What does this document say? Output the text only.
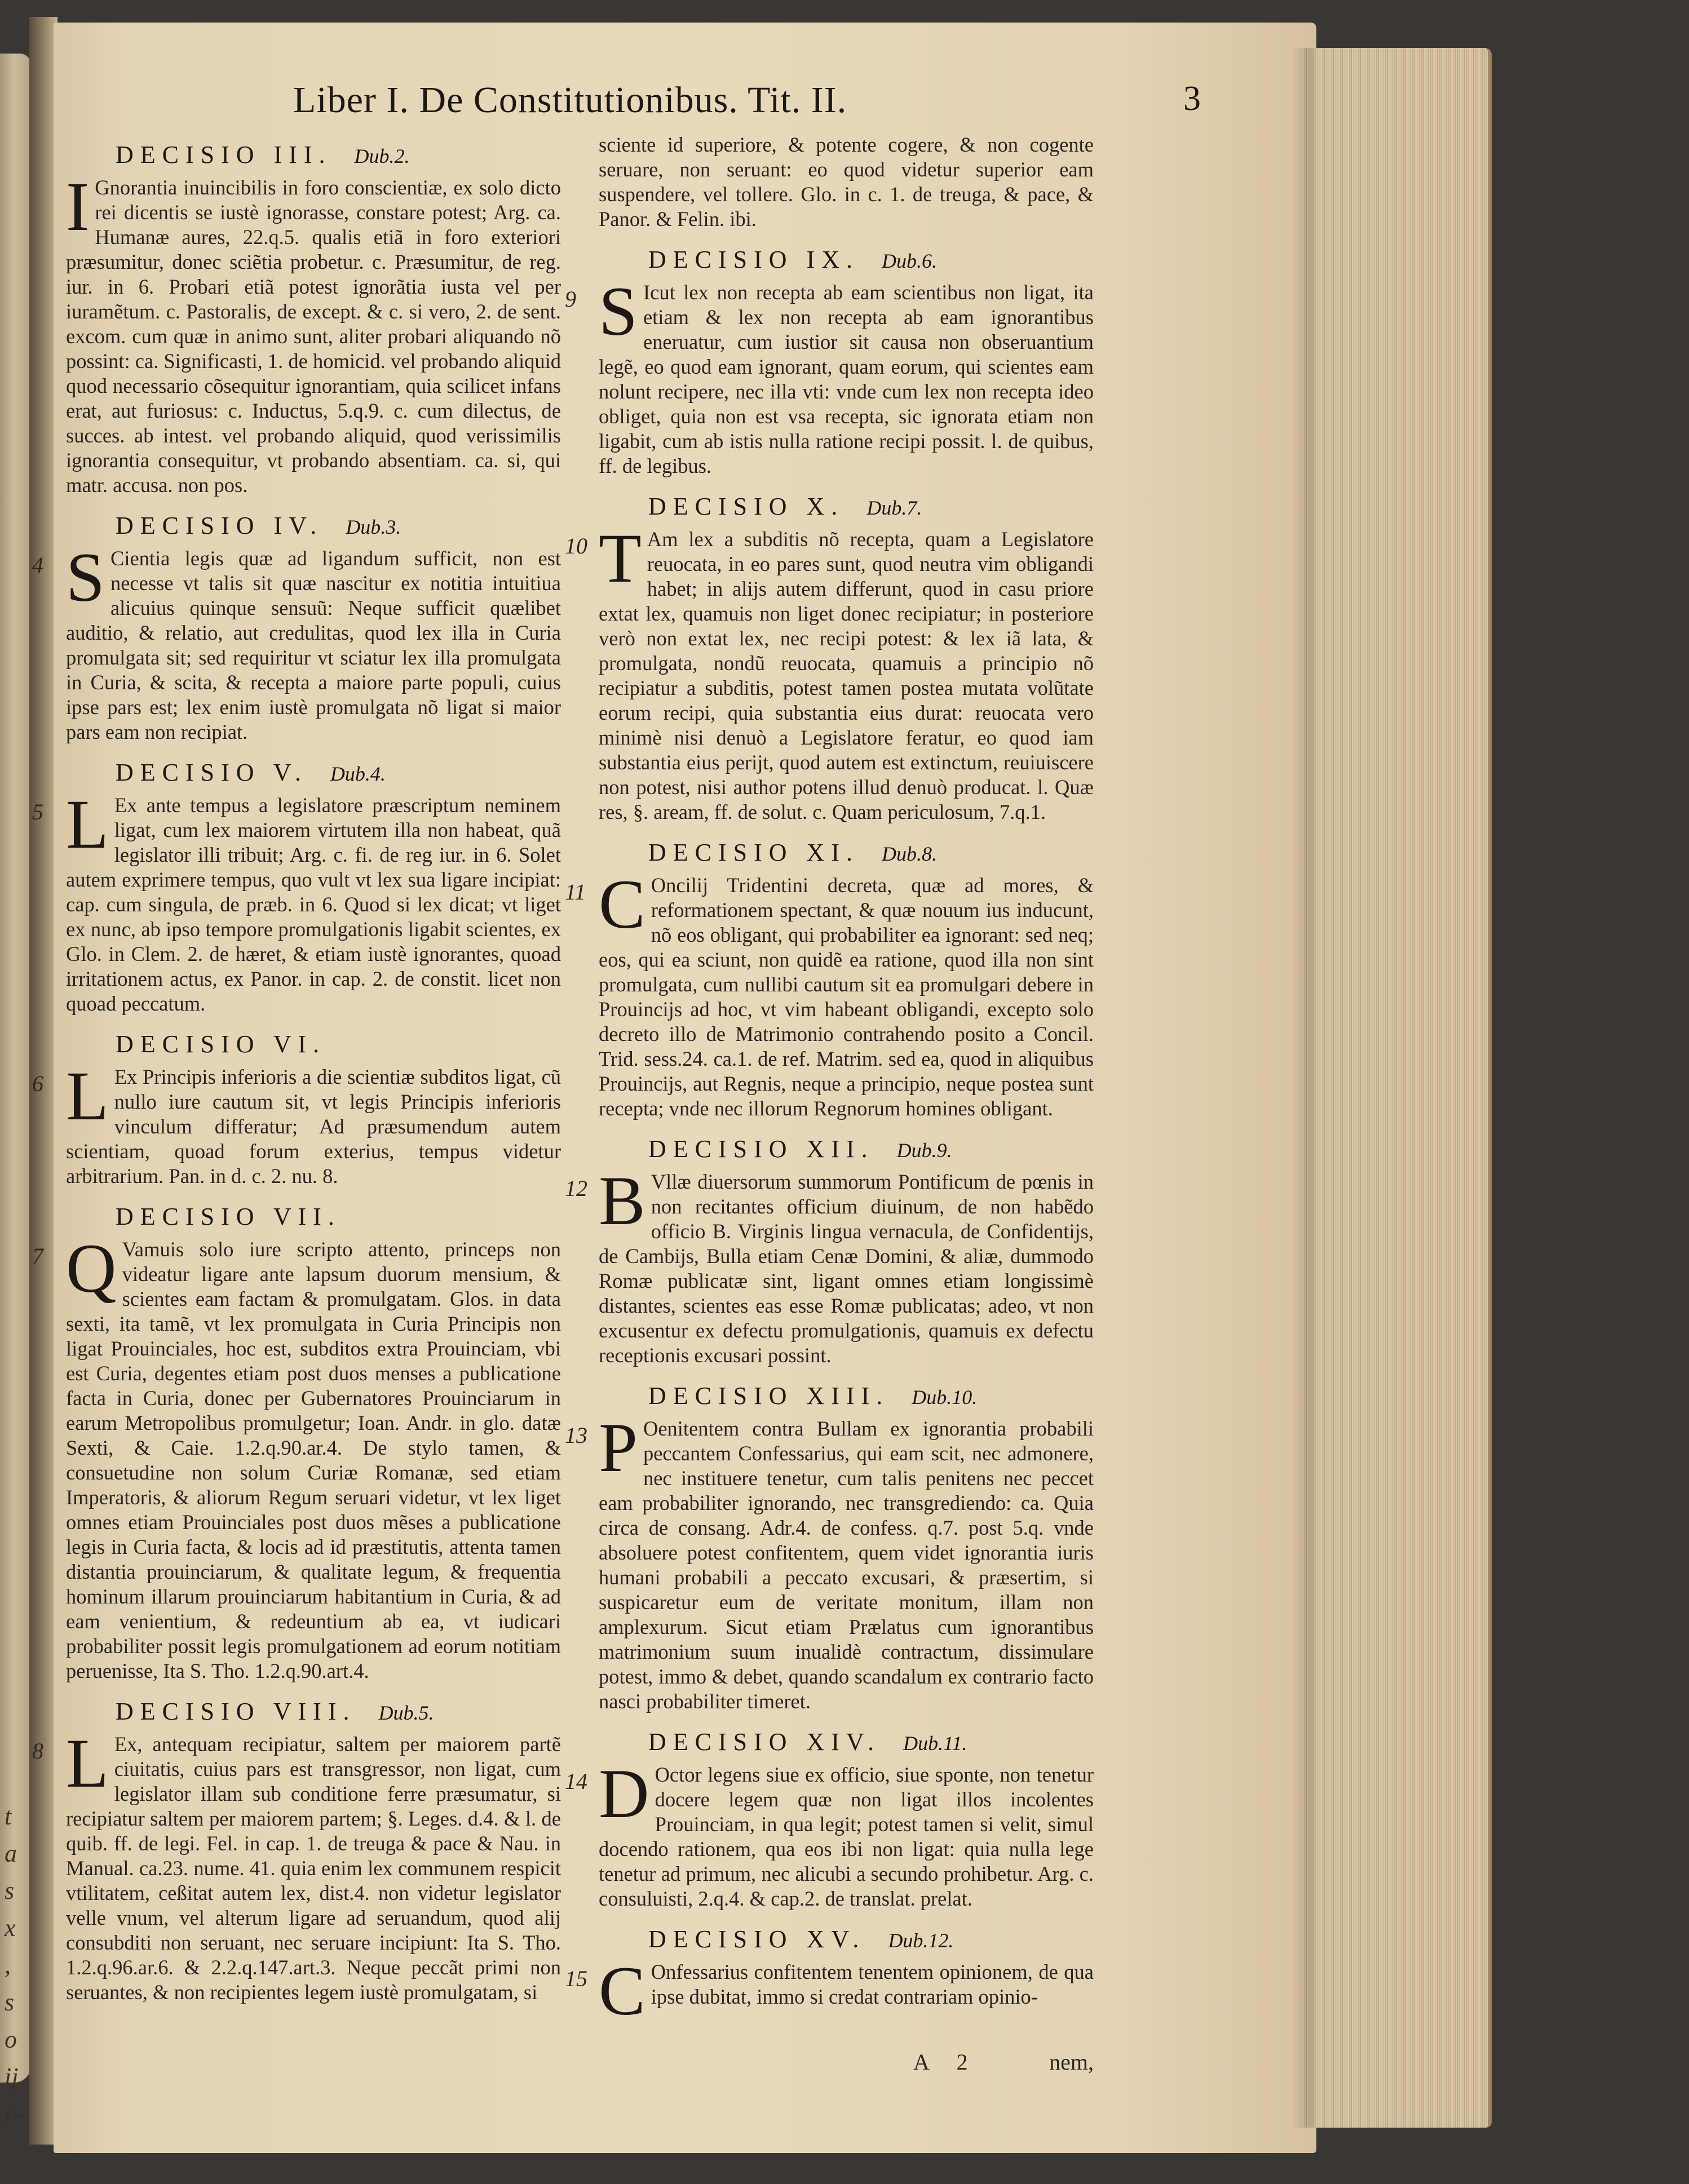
t
a
s
x
,
s
o
ij
r-
Liber I. De Constitutionibus. Tit. II.	3
DECISIO III. Dub.2.

I Gnorantia inuincibilis in foro conscientiæ, ex solo dicto rei dicentis se iustè ignorasse, constare potest; Arg. ca. Humanæ aures, 22.q.5. qualis etiã in foro exteriori præsumitur, donec sciẽtia probetur. c. Præsumitur, de reg. iur. in 6. Probari etiã potest ignorãtia iusta vel per iuramẽtum. c. Pastoralis, de except. & c. si vero, 2. de sent. excom. cum quæ in animo sunt, aliter probari aliquando nõ possint: ca. Significasti, 1. de homicid. vel probando aliquid quod necessario cõsequitur ignorantiam, quia scilicet infans erat, aut furiosus: c. Inductus, 5.q.9. c. cum dilectus, de succes. ab intest. vel probando aliquid, quod verissimilis ignorantia consequitur, vt probando absentiam. ca. si, qui matr. accusa. non pos.

DECISIO IV. Dub.3.
4 S Cientia legis quæ ad ligandum sufficit, non est necesse vt talis sit quæ nascitur ex notitia intuitiua alicuius quinque sensuũ: Neque sufficit quælibet auditio, & relatio, aut credulitas, quod lex illa in Curia promulgata sit; sed requiritur vt sciatur lex illa promulgata in Curia, & scita, & recepta a maiore parte populi, cuius ipse pars est; lex enim iustè promulgata nõ ligat si maior pars eam non recipiat.

DECISIO V. Dub.4.
5 L Ex ante tempus a legislatore præscriptum neminem ligat, cum lex maiorem virtutem illa non habeat, quã legislator illi tribuit; Arg. c. fi. de reg iur. in 6. Solet autem exprimere tempus, quo vult vt lex sua ligare incipiat: cap. cum singula, de præb. in 6. Quod si lex dicat; vt liget ex nunc, ab ipso tempore promulgationis ligabit scientes, ex Glo. in Clem. 2. de hæret, & etiam iustè ignorantes, quoad irritationem actus, ex Panor. in cap. 2. de constit. licet non quoad peccatum.

DECISIO VI.
6 L Ex Principis inferioris a die scientiæ subditos ligat, cũ nullo iure cautum sit, vt legis Principis inferioris vinculum differatur; Ad præsumendum autem scientiam, quoad forum exterius, tempus videtur arbitrarium. Pan. in d. c. 2. nu. 8.

DECISIO VII.
7 Q Vamuis solo iure scripto attento, princeps non videatur ligare ante lapsum duorum mensium, & scientes eam factam & promulgatam. Glos. in data sexti, ita tamẽ, vt lex promulgata in Curia Principis non ligat Prouinciales, hoc est, subditos extra Prouinciam, vbi est Curia, degentes etiam post duos menses a publicatione facta in Curia, donec per Gubernatores Prouinciarum in earum Metropolibus promulgetur; Ioan. Andr. in glo. datæ Sexti, & Caie. 1.2.q.90.ar.4. De stylo tamen, & consuetudine non solum Curiæ Romanæ, sed etiam Imperatoris, & aliorum Regum seruari videtur, vt lex liget omnes etiam Prouinciales post duos mẽses a publicatione legis in Curia facta, & locis ad id præstitutis, attenta tamen distantia prouinciarum, & qualitate legum, & frequentia hominum illarum prouinciarum habitantium in Curia, & ad eam venientium, & redeuntium ab ea, vt iudicari probabiliter possit legis promulgationem ad eorum notitiam peruenisse, Ita S. Tho. 1.2.q.90.art.4.

DECISIO VIII. Dub.5.
8 L Ex, antequam recipiatur, saltem per maiorem partẽ ciuitatis, cuius pars est transgressor, non ligat, cum legislator illam sub conditione ferre præsumatur, si recipiatur saltem per maiorem partem; §. Leges. d.4. & l. de quib. ff. de legi. Fel. in cap. 1. de treuga & pace & Nau. in Manual. ca.23. nume. 41. quia enim lex communem respicit vtilitatem, ceßitat autem lex, dist.4. non videtur legislator velle vnum, vel alterum ligare ad seruandum, quod alij consubditi non seruant, nec seruare incipiunt: Ita S. Tho. 1.2.q.96.ar.6. & 2.2.q.147.art.3. Neque peccãt primi non seruantes, & non recipientes legem iustè promulgatam, si

sciente id superiore, & potente cogere, & non cogente seruare, non seruant: eo quod videtur superior eam suspendere, vel tollere. Glo. in c. 1. de treuga, & pace, & Panor. & Felin. ibi.

DECISIO IX. Dub.6.
9 S Icut lex non recepta ab eam scientibus non ligat, ita etiam & lex non recepta ab eam ignorantibus eneruatur, cum iustior sit causa non obseruantium legẽ, eo quod eam ignorant, quam eorum, qui scientes eam nolunt recipere, nec illa vti: vnde cum lex non recepta ideo obliget, quia non est vsa recepta, sic ignorata etiam non ligabit, cum ab istis nulla ratione recipi possit. l. de quibus, ff. de legibus.

DECISIO X. Dub.7.
10 T Am lex a subditis nõ recepta, quam a Legislatore reuocata, in eo pares sunt, quod neutra vim obligandi habet; in alijs autem differunt, quod in casu priore extat lex, quamuis non liget donec recipiatur; in posteriore verò non extat lex, nec recipi potest: & lex iã lata, & promulgata, nondũ reuocata, quamuis a principio nõ recipiatur a subditis, potest tamen postea mutata volũtate eorum recipi, quia substantia eius durat: reuocata vero minimè nisi denuò a Legislatore feratur, eo quod iam substantia eius perijt, quod autem est extinctum, reuiuiscere non potest, nisi author potens illud denuò producat. l. Quæ res, §. aream, ff. de solut. c. Quam periculosum, 7.q.1.

DECISIO XI. Dub.8.
11 C Oncilij Tridentini decreta, quæ ad mores, & reformationem spectant, & quæ nouum ius inducunt, nõ eos obligant, qui probabiliter ea ignorant: sed neq; eos, qui ea sciunt, non quidẽ ea ratione, quod illa non sint promulgata, cum nullibi cautum sit ea promulgari debere in Prouincijs ad hoc, vt vim habeant obligandi, excepto solo decreto illo de Matrimonio contrahendo posito a Concil. Trid. sess.24. ca.1. de ref. Matrim. sed ea, quod in aliquibus Prouincijs, aut Regnis, neque a principio, neque postea sunt recepta; vnde nec illorum Regnorum homines obligant.

DECISIO XII. Dub.9.
12 B Vllæ diuersorum summorum Pontificum de pœnis in non recitantes officium diuinum, de non habẽdo officio B. Virginis lingua vernacula, de Confidentijs, de Cambijs, Bulla etiam Cenæ Domini, & aliæ, dummodo Romæ publicatæ sint, ligant omnes etiam longissimè distantes, scientes eas esse Romæ publicatas; adeo, vt non excusentur ex defectu promulgationis, quamuis ex defectu receptionis excusari possint.

DECISIO XIII. Dub.10.
13 P Oenitentem contra Bullam ex ignorantia probabili peccantem Confessarius, qui eam scit, nec admonere, nec instituere tenetur, cum talis penitens nec peccet eam probabiliter ignorando, nec transgrediendo: ca. Quia circa de consang. Adr.4. de confess. q.7. post 5.q. vnde absoluere potest confitentem, quem videt ignorantia iuris humani probabili a peccato excusari, & præsertim, si suspicaretur eum de veritate monitum, illam non amplexurum. Sicut etiam Prælatus cum ignorantibus matrimonium suum inualidè contractum, dissimulare potest, immo & debet, quando scandalum ex contrario facto nasci probabiliter timeret.

DECISIO XIV. Dub.11.
14 D Octor legens siue ex officio, siue sponte, non tenetur docere legem quæ non ligat illos incolentes Prouinciam, in qua legit; potest tamen si velit, simul docendo rationem, qua eos ibi non ligat: quia nulla lege tenetur ad primum, nec alicubi a secundo prohibetur. Arg. c. consuluisti, 2.q.4. & cap.2. de translat. prelat.

DECISIO XV. Dub.12.
15 C Onfessarius confitentem tenentem opinionem, de qua ipse dubitat, immo si credat contrariam opinio-

A 2	nem,
